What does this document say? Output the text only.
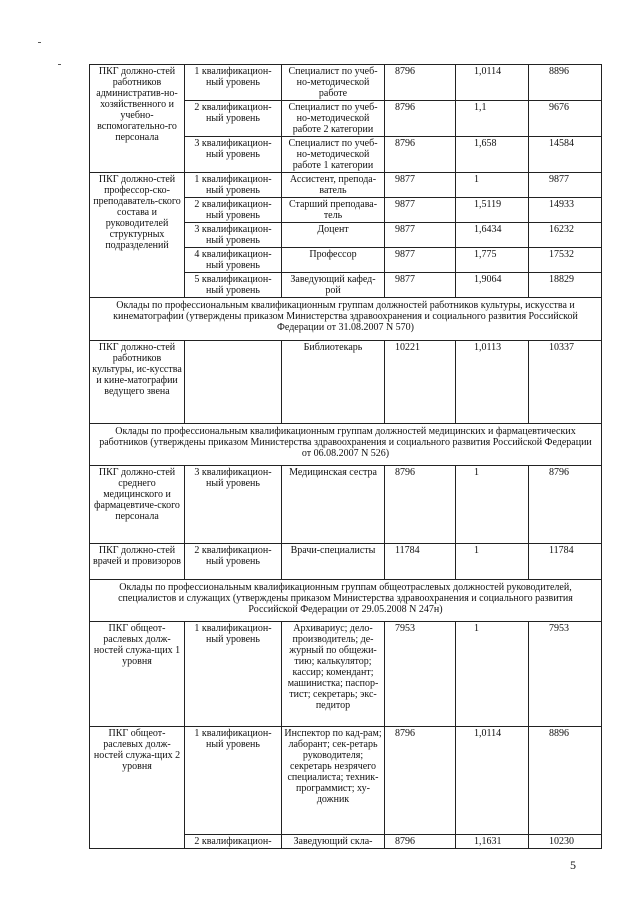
ПКГ должно-стей работников административ-но-хозяйственного и учебно-вспомогательно-го персонала	1 квалификацион-ный уровень	Специалист по учеб-но-методической работе	8796	1,0114	8896
	2 квалификацион-ный уровень	Специалист по учеб-но-методической работе 2 категории	8796	1,1	9676
	3 квалификацион-ный уровень	Специалист по учеб-но-методической работе 1 категории	8796	1,658	14584
ПКГ должно-стей профессор-ско-преподаватель-ского состава и руководителей структурных подразделений	1 квалификацион-ный уровень	Ассистент, препода-ватель	9877	1	9877
	2 квалификацион-ный уровень	Старший преподава-тель	9877	1,5119	14933
	3 квалификацион-ный уровень	Доцент	9877	1,6434	16232
	4 квалификацион-ный уровень	Профессор	9877	1,775	17532
	5 квалификацион-ный уровень	Заведующий кафед-рой	9877	1,9064	18829
Оклады по профессиональным квалификационным группам должностей работников культуры, искусства и кинематографии (утверждены приказом Министерства здравоохранения и социального развития Российской Федерации от 31.08.2007 N 570)					
ПКГ должно-стей работников культуры, ис-кусства и кине-матографии ведущего звена		Библиотекарь	10221	1,0113	10337
Оклады по профессиональным квалификационным группам должностей медицинских и фармацевтических работников (утверждены приказом Министерства здравоохранения и социального развития Российской Федерации от 06.08.2007 N 526)					
ПКГ должно-стей среднего медицинского и фармацевтиче-ского персонала	3 квалификацион-ный уровень	Медицинская сестра	8796	1	8796
ПКГ должно-стей врачей и провизоров	2 квалификацион-ный уровень	Врачи-специалисты	11784	1	11784
Оклады по профессиональным квалификационным группам общеотраслевых должностей руководителей, специалистов и служащих (утверждены приказом Министерства здравоохранения и социального развития Российской Федерации от 29.05.2008 N 247н)					
ПКГ общеот-раслевых долж-ностей служа-щих 1 уровня	1 квалификацион-ный уровень	Архивариус; дело-производитель; де-журный по общежи-тию; калькулятор; кассир; комендант; машинистка; паспор-тист; секретарь; экс-педитор	7953	1	7953
ПКГ общеот-раслевых долж-ностей служа-щих 2 уровня	1 квалификацион-ный уровень	Инспектор по кад-рам; лаборант; сек-ретарь руководителя; секретарь незрячего специалиста; техник-программист; ху-дожник	8796	1,0114	8896
	2 квалификацион-	Заведующий скла-	8796	1,1631	10230
5
